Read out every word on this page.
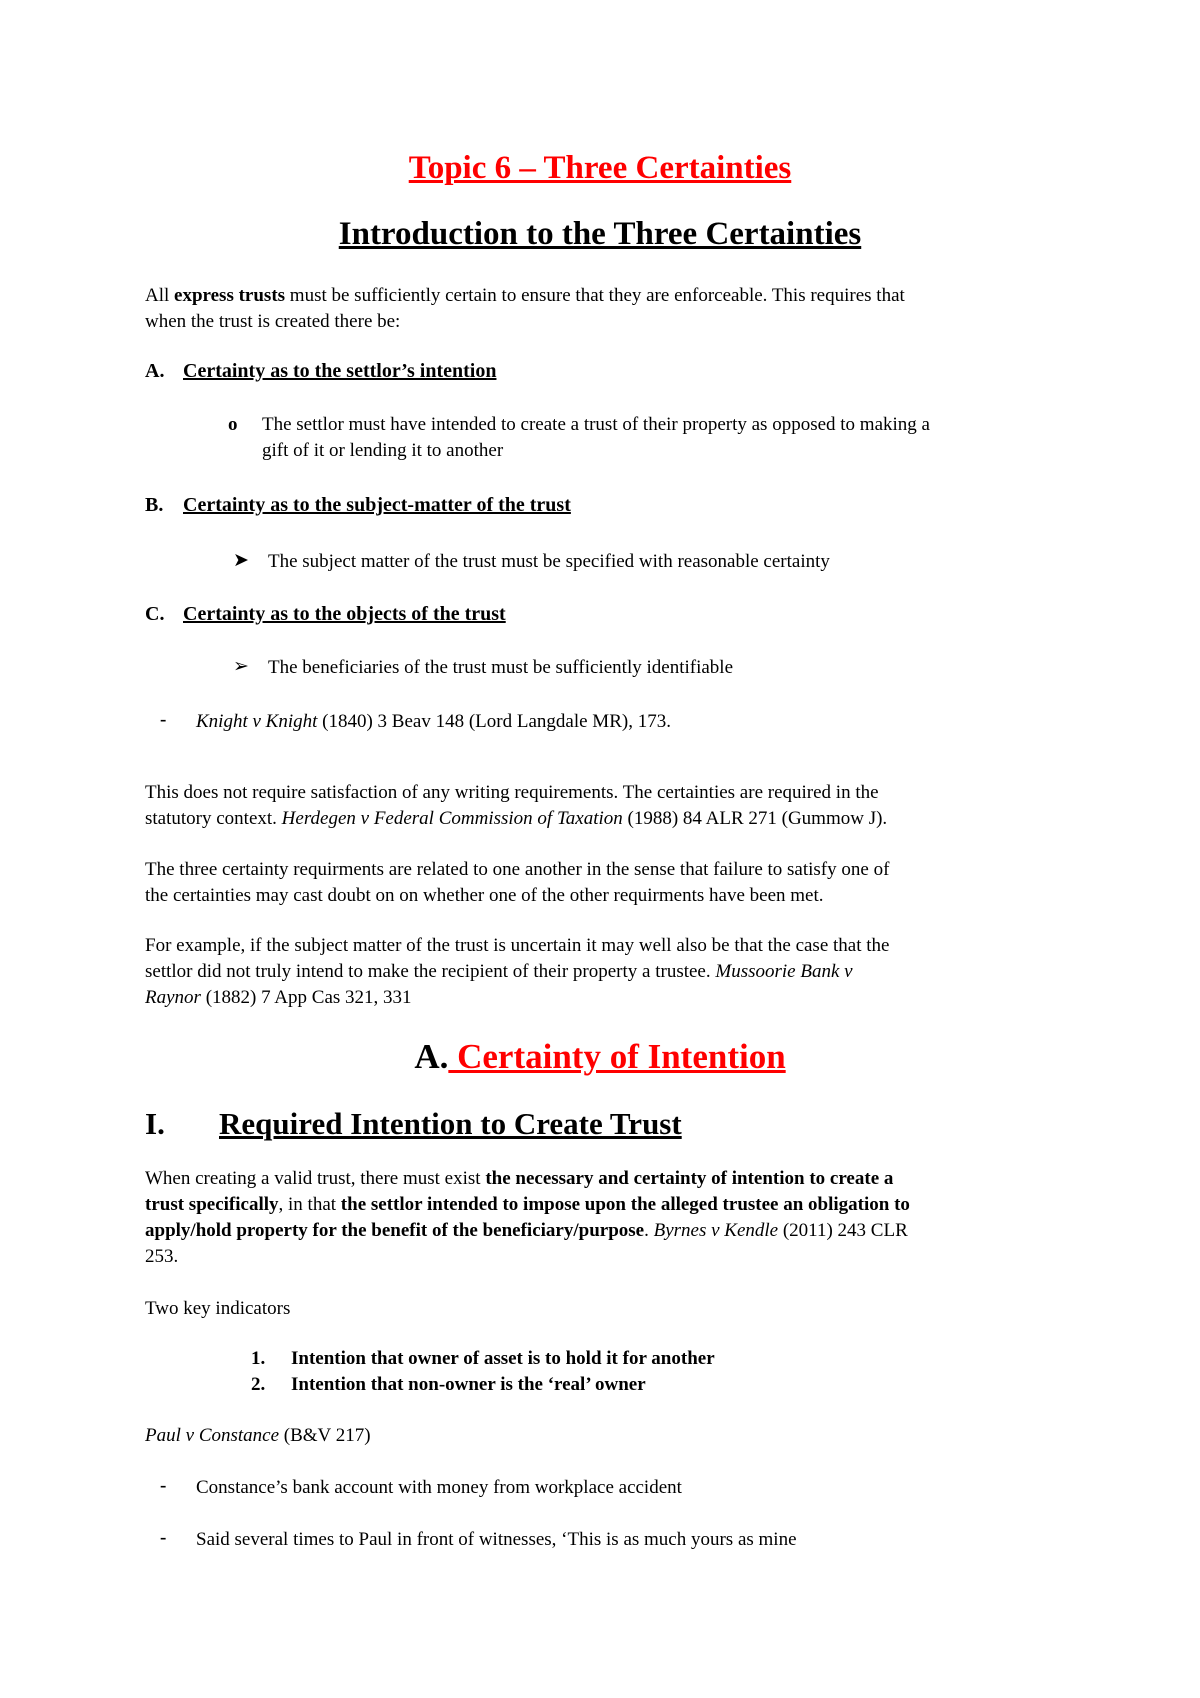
Topic 6 – Three Certainties
Introduction to the Three Certainties
All express trusts must be sufficiently certain to ensure that they are enforceable. This requires that
when the trust is created there be:
A. Certainty as to the settlor’s intention
o The settlor must have intended to create a trust of their property as opposed to making a
gift of it or lending it to another
B. Certainty as to the subject-matter of the trust
➤ The subject matter of the trust must be specified with reasonable certainty
C. Certainty as to the objects of the trust
➢ The beneficiaries of the trust must be sufficiently identifiable
- Knight v Knight (1840) 3 Beav 148 (Lord Langdale MR), 173.
This does not require satisfaction of any writing requirements. The certainties are required in the
statutory context. Herdegen v Federal Commission of Taxation (1988) 84 ALR 271 (Gummow J).
The three certainty requirments are related to one another in the sense that failure to satisfy one of
the certainties may cast doubt on on whether one of the other requirments have been met.
For example, if the subject matter of the trust is uncertain it may well also be that the case that the
settlor did not truly intend to make the recipient of their property a trustee. Mussoorie Bank v
Raynor (1882) 7 App Cas 321, 331
A. Certainty of Intention
I. Required Intention to Create Trust
When creating a valid trust, there must exist the necessary and certainty of intention to create a
trust specifically, in that the settlor intended to impose upon the alleged trustee an obligation to
apply/hold property for the benefit of the beneficiary/purpose. Byrnes v Kendle (2011) 243 CLR
253.
Two key indicators
1. Intention that owner of asset is to hold it for another
2. Intention that non-owner is the ‘real’ owner
Paul v Constance (B&V 217)
- Constance’s bank account with money from workplace accident
- Said several times to Paul in front of witnesses, ‘This is as much yours as mine
